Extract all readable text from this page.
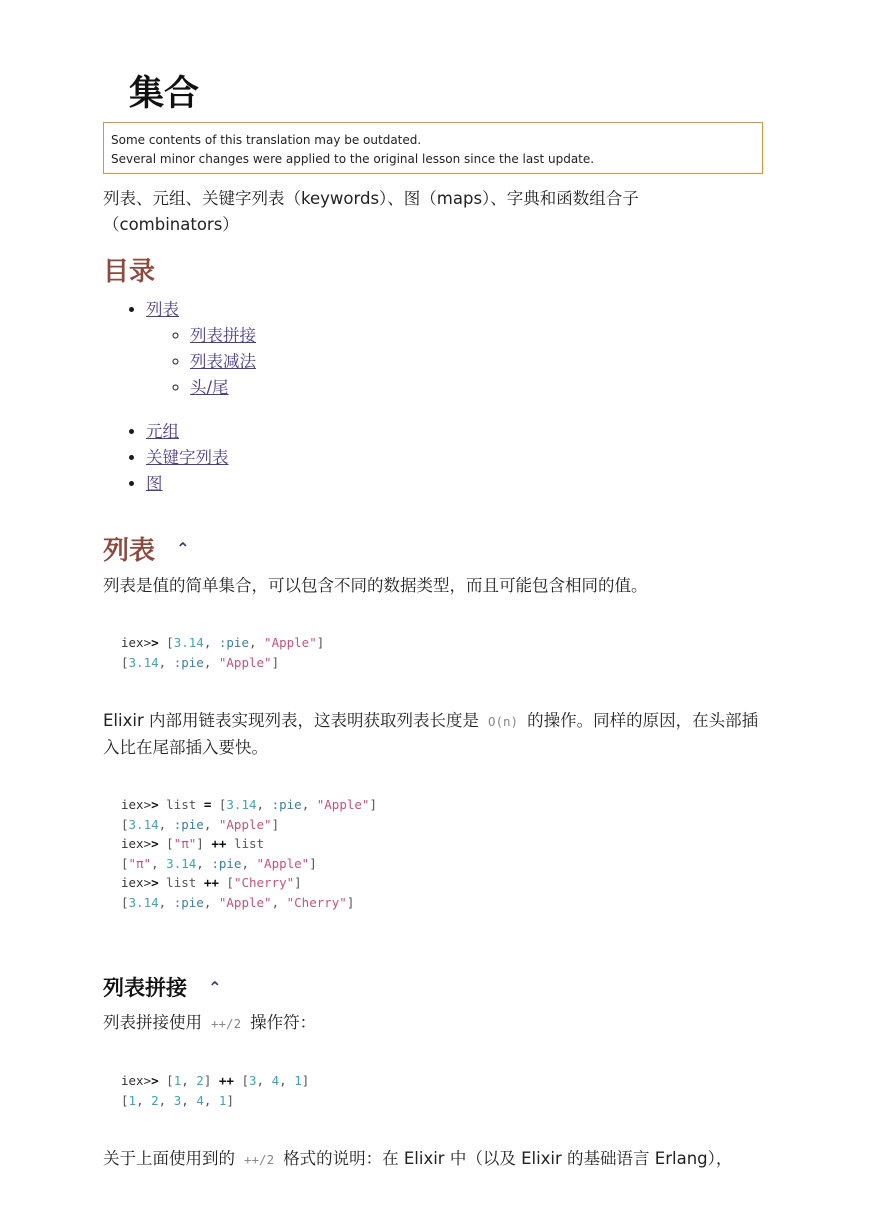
集合
Some contents of this translation may be outdated.
Several minor changes were applied to the original lesson since the last update.
列表、元组、关键字列表（keywords）、图（maps）、字典和函数组合子（combinators）
目录
• 列表
◦ 列表拼接
◦ 列表减法
◦ 头/尾
• 元组
• 关键字列表
• 图
列表 ⌃

列表是值的简单集合，可以包含不同的数据类型，而且可能包含相同的值。

iex>> [3.14, :pie, "Apple"]
[3.14, :pie, "Apple"]

Elixir 内部用链表实现列表，这表明获取列表长度是 O(n) 的操作。同样的原因，在头部插入比在尾部插入要快。

iex>> list = [3.14, :pie, "Apple"]
[3.14, :pie, "Apple"]
iex>> ["π"] ++ list
["π", 3.14, :pie, "Apple"]
iex>> list ++ ["Cherry"]
[3.14, :pie, "Apple", "Cherry"]
列表拼接 ⌃

列表拼接使用 ++/2 操作符：

iex>> [1, 2] ++ [3, 4, 1]
[1, 2, 3, 4, 1]

关于上面使用到的 ++/2 格式的说明：在 Elixir 中（以及 Elixir 的基础语言 Erlang），
